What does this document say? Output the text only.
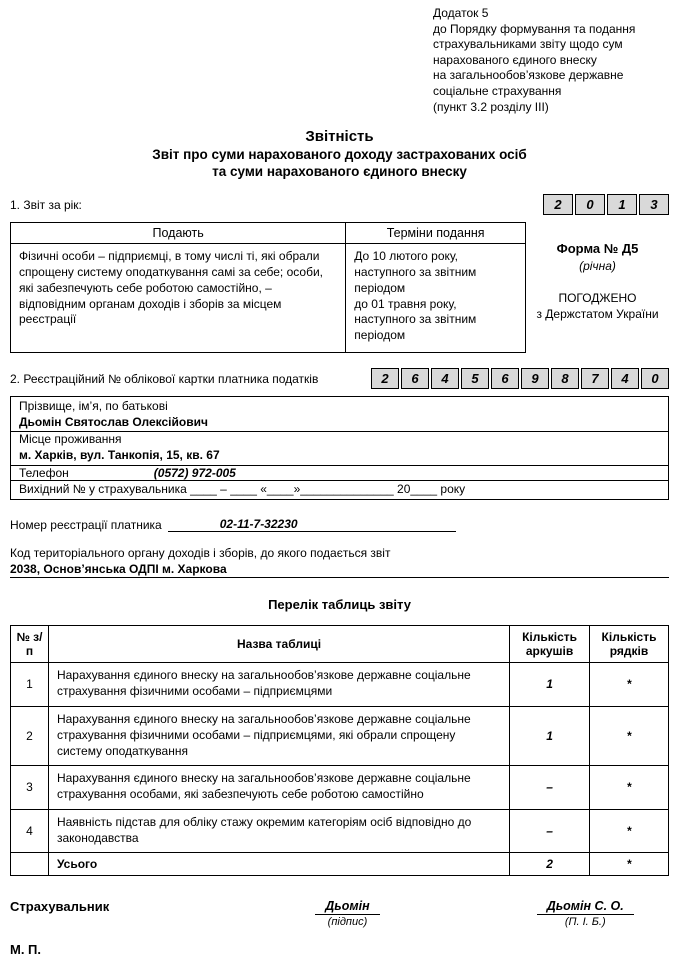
Додаток 5
до Порядку формування та подання
страхувальниками звіту щодо сум
нарахованого єдиного внеску
на загальнообов’язкове державне
соціальне страхування
(пункт 3.2 розділу III)
Звітність
Звіт про суми нарахованого доходу застрахованих осіб
та суми нарахованого єдиного внеску
1. Звіт за рік:	2	0	1	3
Подають	Терміни подання
Фізичні особи – підприємці, в тому числі ті, які обрали спрощену систему оподаткування самі за себе; особи, які забезпечують себе роботою самостійно, – відповідним органам доходів і зборів за місцем реєстрації	До 10 лютого року, наступного за звітним періодом
до 01 травня року, наступного за звітним періодом
Форма № Д5
(річна)
ПОГОДЖЕНО
з Держстатом України
2. Реєстраційний № облікової картки платника податків	2	6	4	5	6	9	8	7	4	0
Прізвище, ім’я, по батькові
Дьомін Святослав Олексійович
Місце проживання
м. Харків, вул. Танкопія, 15, кв. 67
Телефон	(0572) 972-005
Вихідний № у страхувальника ____ – ____ «____»______________ 20____ року
Номер реєстрації платника	02-11-7-32230
Код територіального органу доходів і зборів, до якого подається звіт
2038, Основ’янська ОДПІ м. Харкова
Перелік таблиць звіту
№ з/п	Назва таблиці	Кількість аркушів	Кількість рядків
1	Нарахування єдиного внеску на загальнообов’язкове державне соціальне страхування фізичними особами – підприємцями	1	*
2	Нарахування єдиного внеску на загальнообов’язкове державне соціальне страхування фізичними особами – підприємцями, які обрали спрощену систему оподаткування	1	*
3	Нарахування єдиного внеску на загальнообов’язкове державне соціальне страхування особами, які забезпечують себе роботою самостійно	–	*
4	Наявність підстав для обліку стажу окремим категоріям осіб відповідно до законодавства	–	*
	Усього	2	*
Страхувальник	Дьомін
(підпис)
Дьомін С. О.
(П. І. Б.)
М. П.
